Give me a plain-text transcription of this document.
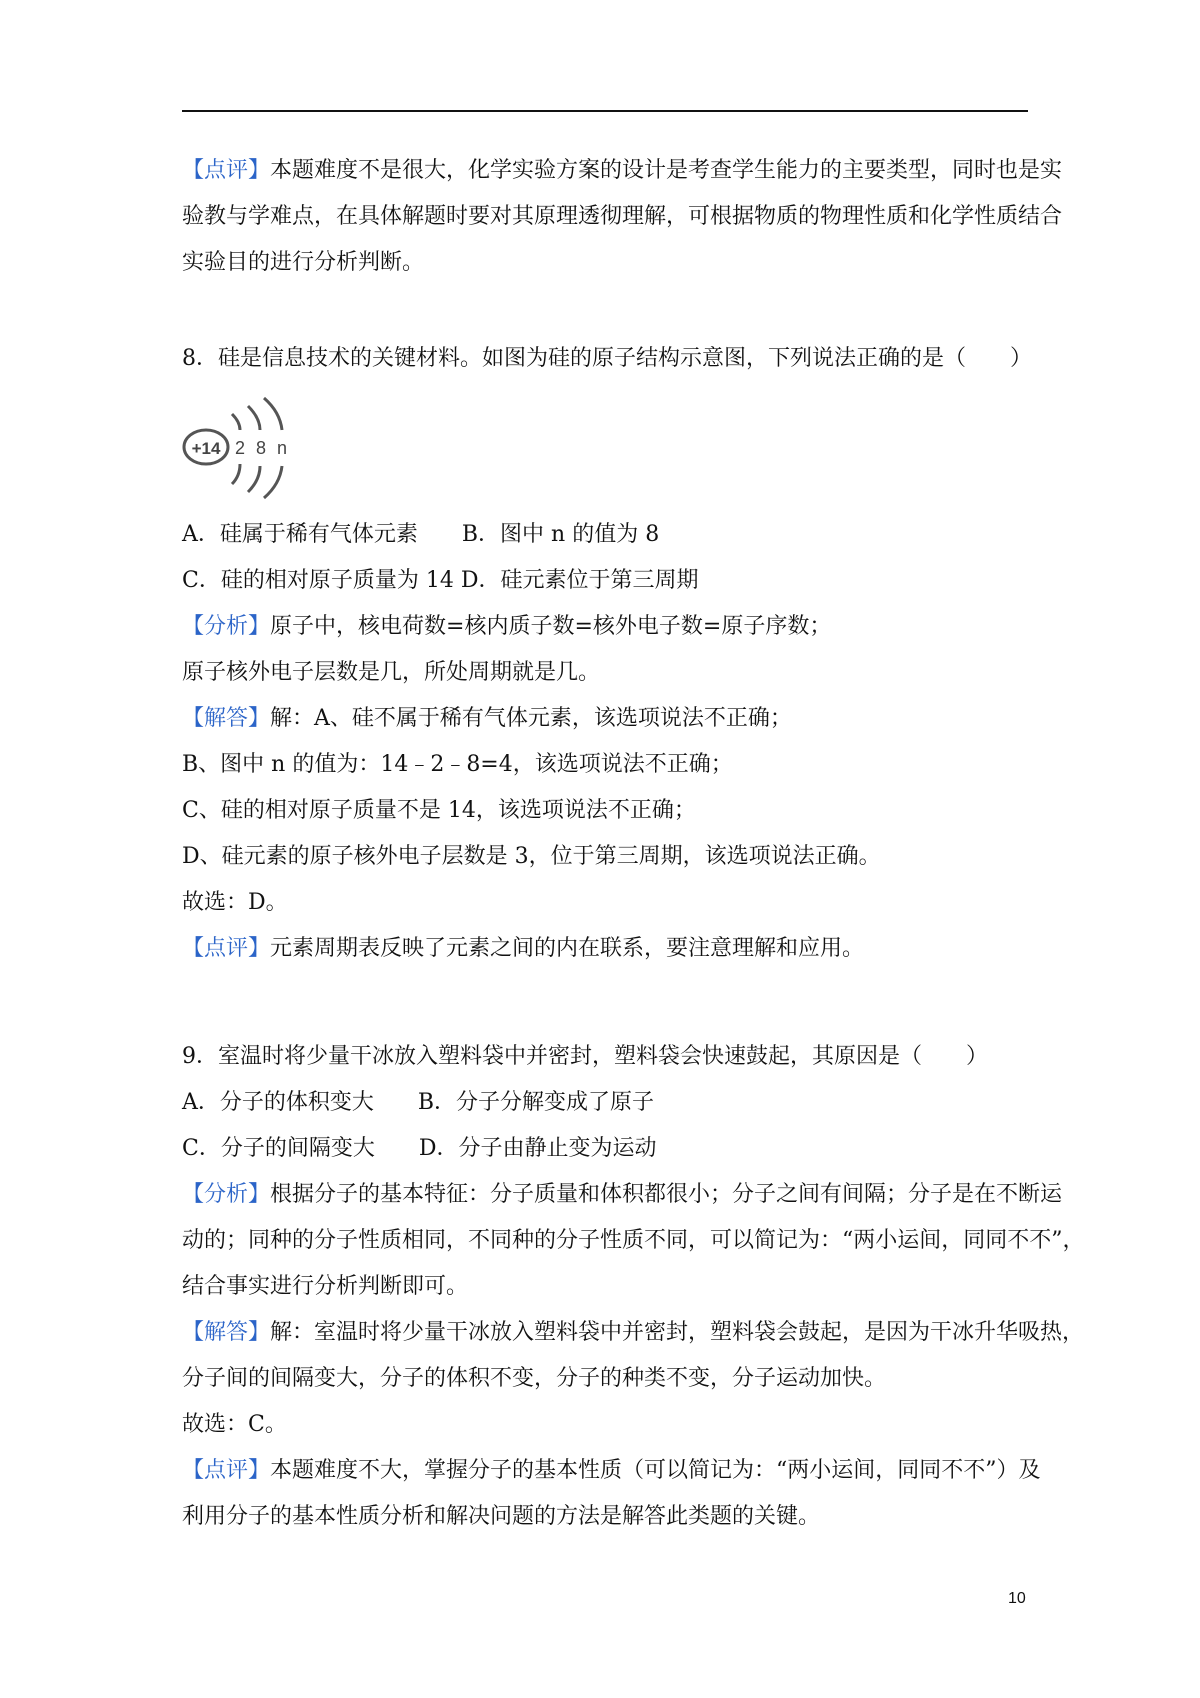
【点评】本题难度不是很大，化学实验方案的设计是考查学生能力的主要类型，同时也是实
验教与学难点，在具体解题时要对其原理透彻理解，可根据物质的物理性质和化学性质结合
实验目的进行分析判断。
8．硅是信息技术的关键材料。如图为硅的原子结构示意图，下列说法正确的是（　　）
+14 2 8 n
A．硅属于稀有气体元素　　B．图中 n 的值为 8
C．硅的相对原子质量为 14 D．硅元素位于第三周期
【分析】原子中，核电荷数=核内质子数=核外电子数=原子序数；
原子核外电子层数是几，所处周期就是几。
【解答】解：A、硅不属于稀有气体元素，该选项说法不正确；
B、图中 n 的值为：14﹣2﹣8=4，该选项说法不正确；
C、硅的相对原子质量不是 14，该选项说法不正确；
D、硅元素的原子核外电子层数是 3，位于第三周期，该选项说法正确。
故选：D。
【点评】元素周期表反映了元素之间的内在联系，要注意理解和应用。
9．室温时将少量干冰放入塑料袋中并密封，塑料袋会快速鼓起，其原因是（　　）
A．分子的体积变大　　B．分子分解变成了原子
C．分子的间隔变大　　D．分子由静止变为运动
【分析】根据分子的基本特征：分子质量和体积都很小；分子之间有间隔；分子是在不断运
动的；同种的分子性质相同，不同种的分子性质不同，可以简记为：“两小运间，同同不不”，
结合事实进行分析判断即可。
【解答】解：室温时将少量干冰放入塑料袋中并密封，塑料袋会鼓起，是因为干冰升华吸热，
分子间的间隔变大，分子的体积不变，分子的种类不变，分子运动加快。
故选：C。
【点评】本题难度不大，掌握分子的基本性质（可以简记为：“两小运间，同同不不”）及
利用分子的基本性质分析和解决问题的方法是解答此类题的关键。
10
